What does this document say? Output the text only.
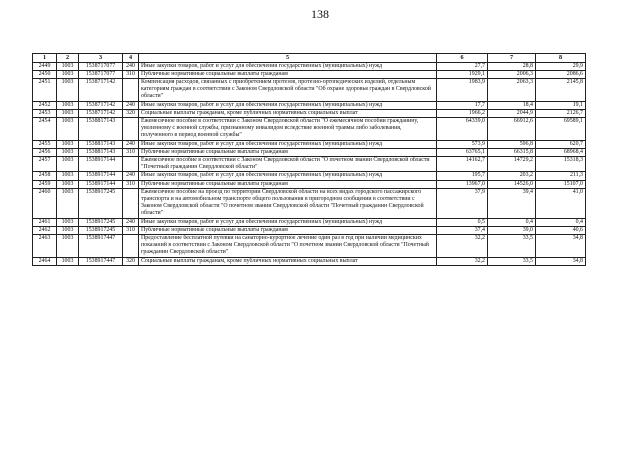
138
1	2	3	4	5	6	7	8
2449	1003	1538717077	240	Иные закупки товаров, работ и услуг для обеспечения государственных (муниципальных) нужд	27,7	28,8	29,9
2450	1003	1538717077	310	Публичные нормативные социальные выплаты гражданам	1929,1	2006,3	2086,6
2451	1003	1538717142		Компенсация расходов, связанных с приобретением протезов, протезно-ортопедических изделий, отдельным категориям граждан в соответствии с Законом Свердловской области "Об охране здоровья граждан в Свердловской области"	1983,9	2063,3	2145,8
2452	1003	1538717142	240	Иные закупки товаров, работ и услуг для обеспечения государственных (муниципальных) нужд	17,7	18,4	19,1
2453	1003	1538717142	320	Социальные выплаты гражданам, кроме публичных нормативных социальных выплат	1966,2	2044,9	2126,7
2454	1003	1538817143		Ежемесячное пособие в соответствии с Законом Свердловской области "О ежемесячном пособии гражданину, уволенному с военной службы, признанному инвалидом вследствие военной травмы либо заболевания, полученного в период военной службы"	64339,0	66912,6	69589,1
2455	1003	1538817143	240	Иные закупки товаров, работ и услуг для обеспечения государственных (муниципальных) нужд	573,9	596,8	620,7
2456	1003	1538817143	310	Публичные нормативные социальные выплаты гражданам	63765,1	66315,8	68968,4
2457	1003	1538917144		Ежемесячное пособие в соответствии с Законом Свердловской области "О почетном звании Свердловской области "Почетный гражданин Свердловской области"	14162,7	14729,2	15318,3
2458	1003	1538917144	240	Иные закупки товаров, работ и услуг для обеспечения государственных (муниципальных) нужд	195,7	203,2	211,3
2459	1003	1538917144	310	Публичные нормативные социальные выплаты гражданам	13967,0	14526,0	15107,0
2460	1003	1538917245		Ежемесячное пособие на проезд по территории Свердловской области на всех видах городского пассажирского транспорта и на автомобильном транспорте общего пользования в пригородном сообщении в соответствии с Законом Свердловской области "О почетном звании Свердловской области "Почетный гражданин Свердловской области"	37,9	39,4	41,0
2461	1003	1538917245	240	Иные закупки товаров, работ и услуг для обеспечения государственных (муниципальных) нужд	0,5	0,4	0,4
2462	1003	1538917245	310	Публичные нормативные социальные выплаты гражданам	37,4	39,0	40,6
2463	1003	1538917447		Предоставление бесплатной путевки на санаторно-курортное лечение один раз в год при наличии медицинских показаний в соответствии с Законом Свердловской области "О почетном звании Свердловской области "Почетный гражданин Свердловской области"	32,2	33,5	34,8
2464	1003	1538917447	320	Социальные выплаты гражданам, кроме публичных нормативных социальных выплат	32,2	33,5	34,8
